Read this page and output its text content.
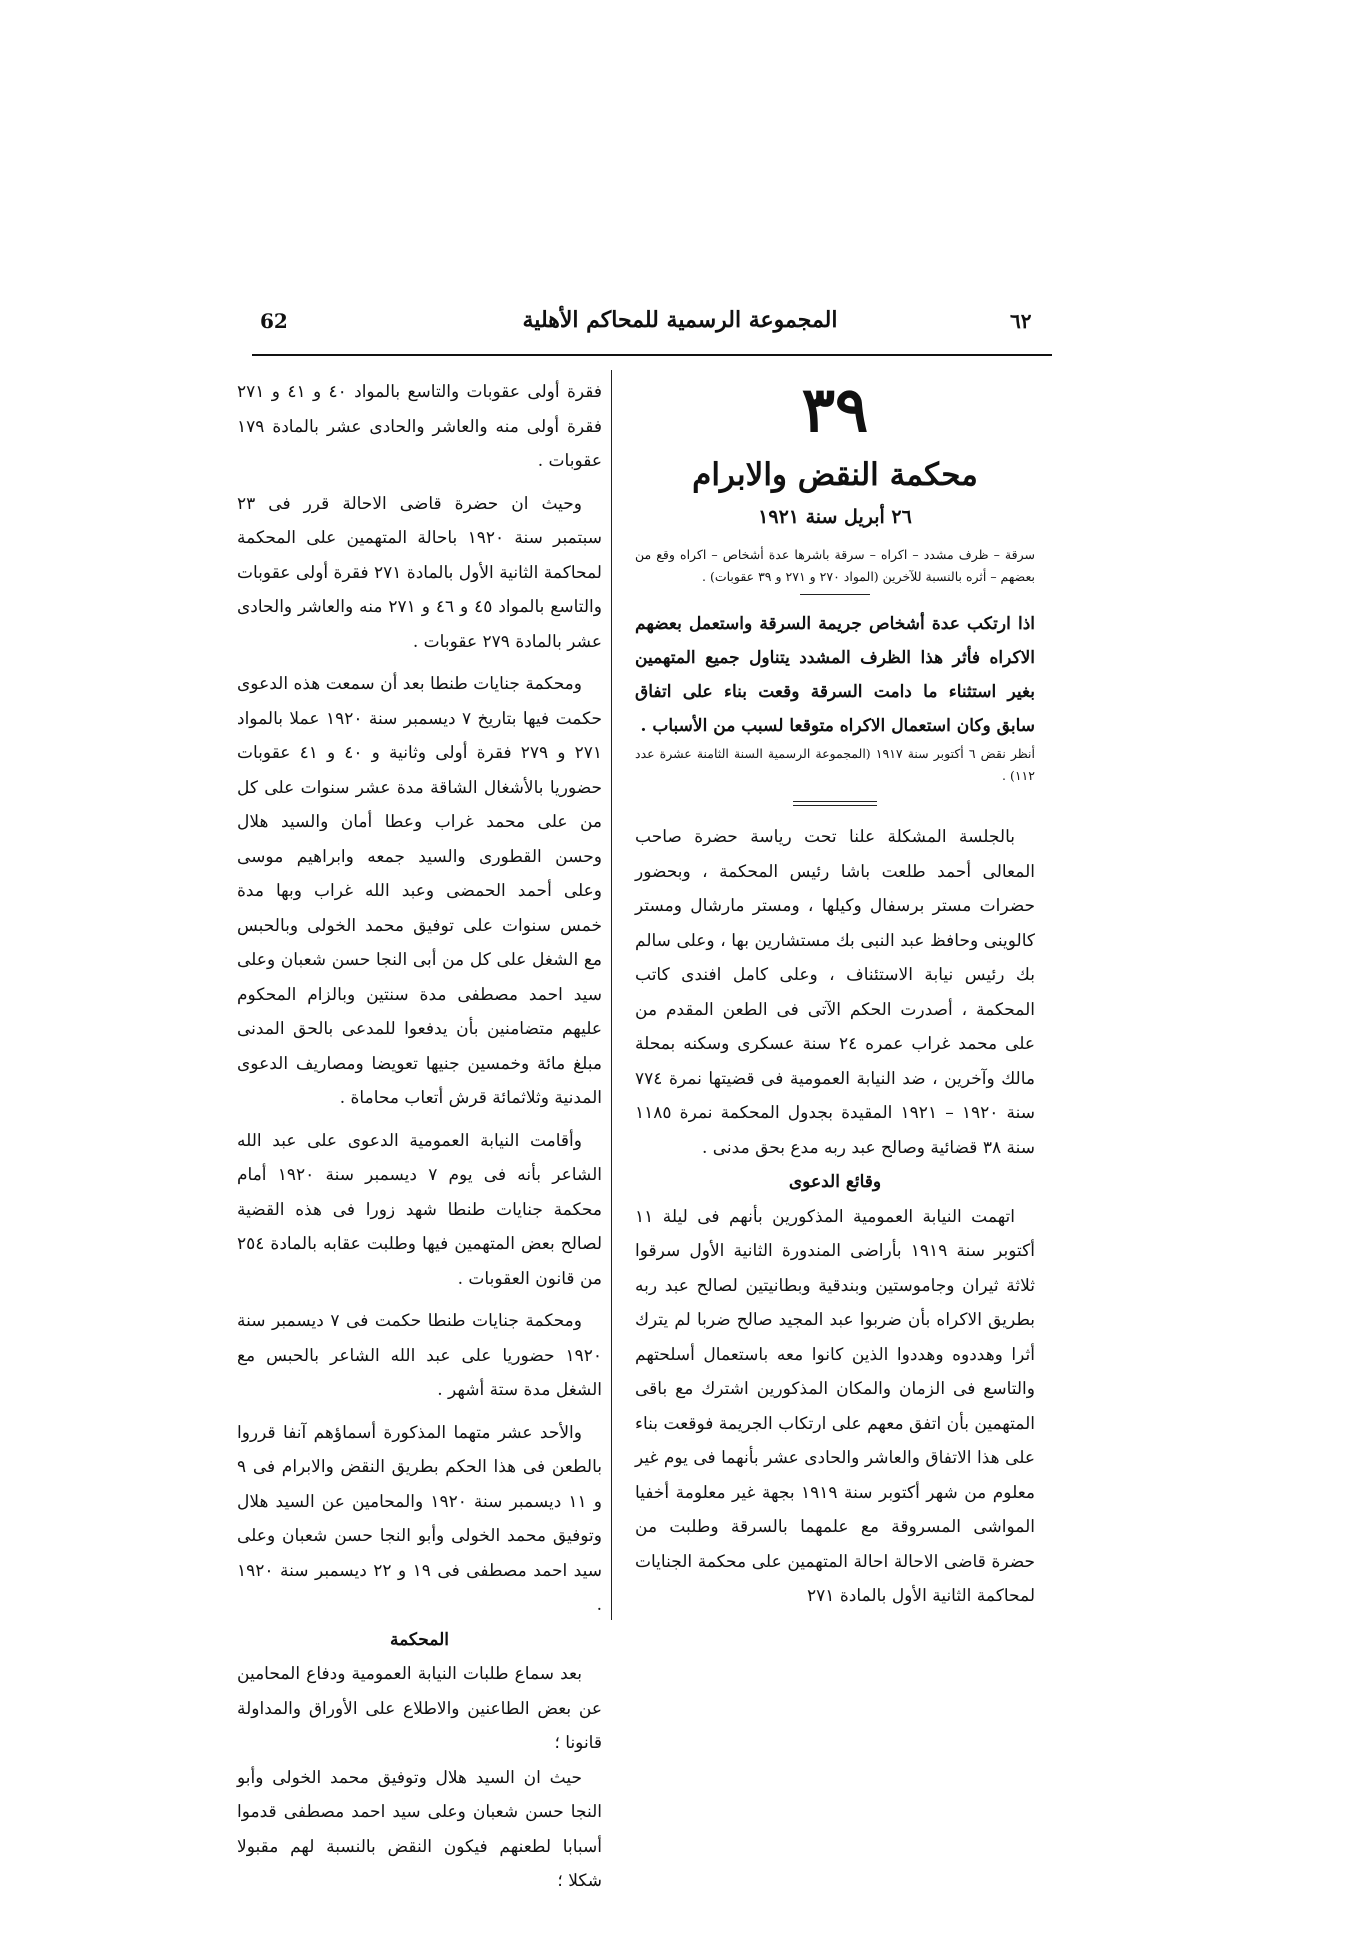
62	المجموعة الرسمية للمحاكم الأهلية	٦٢
٣٩
محكمة النقض والابرام
٢٦ أبريل سنة ١٩٢١

سرقة – ظرف مشدد – اكراه – سرقة باشرها عدة أشخاص – اكراه وقع من بعضهم – أثره بالنسبة للآخرين (المواد ٢٧٠ و ٢٧١ و ٣٩ عقوبات) .

اذا ارتكب عدة أشخاص جريمة السرقة واستعمل بعضهم الاكراه فأثر هذا الظرف المشدد يتناول جميع المتهمين بغير استثناء ما دامت السرقة وقعت بناء على اتفاق سابق وكان استعمال الاكراه متوقعا لسبب من الأسباب .

أنظر نقض ٦ أكتوبر سنة ١٩١٧ (المجموعة الرسمية السنة الثامنة عشرة عدد ١١٢) .

بالجلسة المشكلة علنا تحت رياسة حضرة صاحب المعالى أحمد طلعت باشا رئيس المحكمة ، وبحضور حضرات مستر برسفال وكيلها ، ومستر مارشال ومستر كالوينى وحافظ عبد النبى بك مستشارين بها ، وعلى سالم بك رئيس نيابة الاستئناف ، وعلى كامل افندى كاتب المحكمة ، أصدرت الحكم الآتى فى الطعن المقدم من على محمد غراب عمره ٢٤ سنة عسكرى وسكنه بمحلة مالك وآخرين ، ضد النيابة العمومية فى قضيتها نمرة ٧٧٤ سنة ١٩٢٠ – ١٩٢١ المقيدة بجدول المحكمة نمرة ١١٨٥ سنة ٣٨ قضائية وصالح عبد ربه مدع بحق مدنى .

وقائع الدعوى

اتهمت النيابة العمومية المذكورين بأنهم فى ليلة ١١ أكتوبر سنة ١٩١٩ بأراضى المندورة الثانية الأول سرقوا ثلاثة ثيران وجاموستين وبندقية وبطانيتين لصالح عبد ربه بطريق الاكراه بأن ضربوا عبد المجيد صالح ضربا لم يترك أثرا وهددوه وهددوا الذين كانوا معه باستعمال أسلحتهم والتاسع فى الزمان والمكان المذكورين اشترك مع باقى المتهمين بأن اتفق معهم على ارتكاب الجريمة فوقعت بناء على هذا الاتفاق والعاشر والحادى عشر بأنهما فى يوم غير معلوم من شهر أكتوبر سنة ١٩١٩ بجهة غير معلومة أخفيا المواشى المسروقة مع علمهما بالسرقة وطلبت من حضرة قاضى الاحالة احالة المتهمين على محكمة الجنايات لمحاكمة الثانية الأول بالمادة ٢٧١

فقرة أولى عقوبات والتاسع بالمواد ٤٠ و ٤١ و ٢٧١ فقرة أولى منه والعاشر والحادى عشر بالمادة ١٧٩ عقوبات .

وحيث ان حضرة قاضى الاحالة قرر فى ٢٣ سبتمبر سنة ١٩٢٠ باحالة المتهمين على المحكمة لمحاكمة الثانية الأول بالمادة ٢٧١ فقرة أولى عقوبات والتاسع بالمواد ٤٥ و ٤٦ و ٢٧١ منه والعاشر والحادى عشر بالمادة ٢٧٩ عقوبات .

ومحكمة جنايات طنطا بعد أن سمعت هذه الدعوى حكمت فيها بتاريخ ٧ ديسمبر سنة ١٩٢٠ عملا بالمواد ٢٧١ و ٢٧٩ فقرة أولى وثانية و ٤٠ و ٤١ عقوبات حضوريا بالأشغال الشاقة مدة عشر سنوات على كل من على محمد غراب وعطا أمان والسيد هلال وحسن القطورى والسيد جمعه وابراهيم موسى وعلى أحمد الحمضى وعبد الله غراب وبها مدة خمس سنوات على توفيق محمد الخولى وبالحبس مع الشغل على كل من أبى النجا حسن شعبان وعلى سيد احمد مصطفى مدة سنتين وبالزام المحكوم عليهم متضامنين بأن يدفعوا للمدعى بالحق المدنى مبلغ مائة وخمسين جنيها تعويضا ومصاريف الدعوى المدنية وثلاثمائة قرش أتعاب محاماة .

وأقامت النيابة العمومية الدعوى على عبد الله الشاعر بأنه فى يوم ٧ ديسمبر سنة ١٩٢٠ أمام محكمة جنايات طنطا شهد زورا فى هذه القضية لصالح بعض المتهمين فيها وطلبت عقابه بالمادة ٢٥٤ من قانون العقوبات .

ومحكمة جنايات طنطا حكمت فى ٧ ديسمبر سنة ١٩٢٠ حضوريا على عبد الله الشاعر بالحبس مع الشغل مدة ستة أشهر .

والأحد عشر متهما المذكورة أسماؤهم آنفا قرروا بالطعن فى هذا الحكم بطريق النقض والابرام فى ٩ و ١١ ديسمبر سنة ١٩٢٠ والمحامين عن السيد هلال وتوفيق محمد الخولى وأبو النجا حسن شعبان وعلى سيد احمد مصطفى فى ١٩ و ٢٢ ديسمبر سنة ١٩٢٠ .

المحكمة

بعد سماع طلبات النيابة العمومية ودفاع المحامين عن بعض الطاعنين والاطلاع على الأوراق والمداولة قانونا ؛

حيث ان السيد هلال وتوفيق محمد الخولى وأبو النجا حسن شعبان وعلى سيد احمد مصطفى قدموا أسبابا لطعنهم فيكون النقض بالنسبة لهم مقبولا شكلا ؛
